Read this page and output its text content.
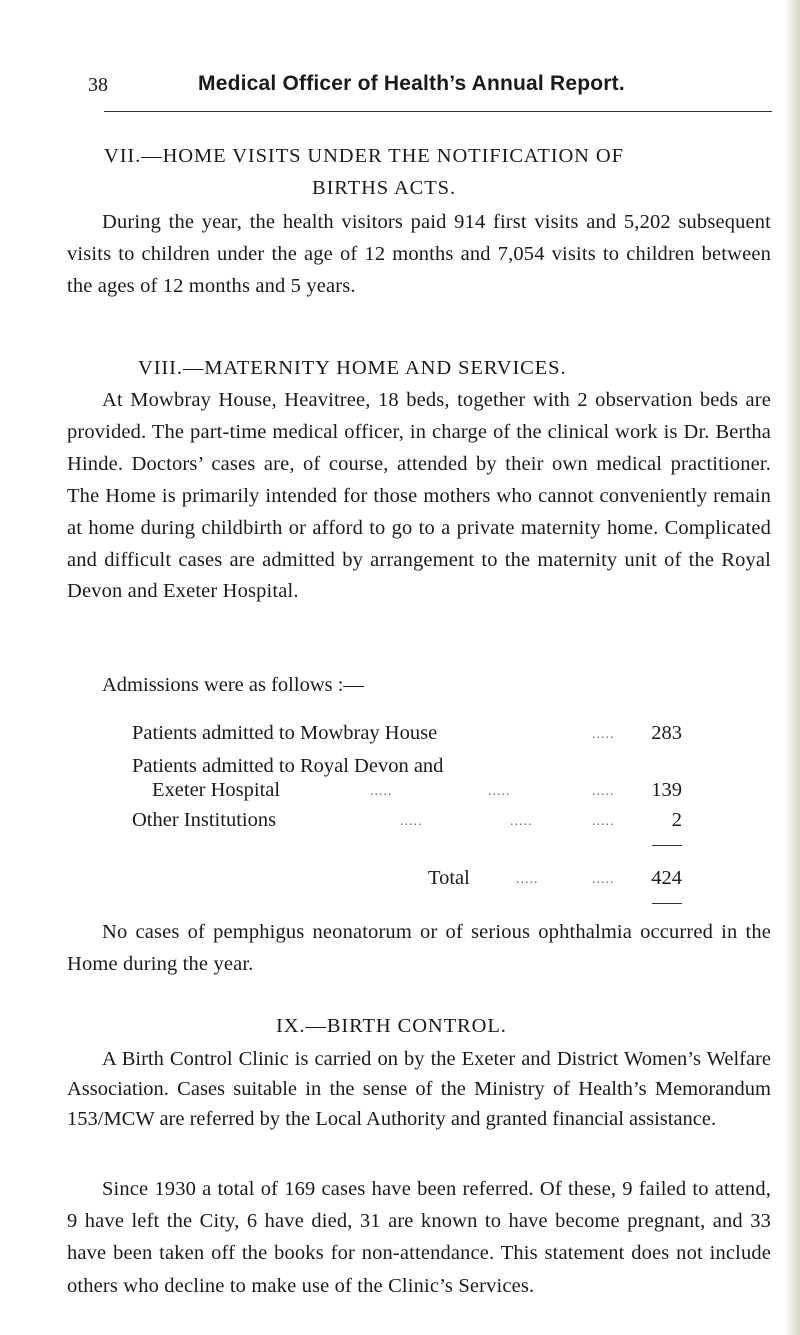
38	Medical Officer of Health’s Annual Report.
VII.—HOME VISITS UNDER THE NOTIFICATION OF
BIRTHS ACTS.

During the year, the health visitors paid 914 first visits and 5,202 subsequent visits to children under the age of 12 months and 7,054 visits to children between the ages of 12 months and 5 years.

VIII.—MATERNITY HOME AND SERVICES.

At Mowbray House, Heavitree, 18 beds, together with 2 observation beds are provided. The part-time medical officer, in charge of the clinical work is Dr. Bertha Hinde. Doctors’ cases are, of course, attended by their own medical practitioner. The Home is primarily intended for those mothers who cannot conveniently remain at home during childbirth or afford to go to a private maternity home. Complicated and difficult cases are admitted by arrangement to the maternity unit of the Royal Devon and Exeter Hospital.

Admissions were as follows :—
Patients admitted to Mowbray House	.....	283
Patients admitted to Royal Devon and
Exeter Hospital	.....	.....	.....	139
Other Institutions	.....	.....	.....	2
Total	.....	.....	424

No cases of pemphigus neonatorum or of serious ophthalmia occurred in the Home during the year.

IX.—BIRTH CONTROL.

A Birth Control Clinic is carried on by the Exeter and District Women’s Welfare Association. Cases suitable in the sense of the Ministry of Health’s Memorandum 153/MCW are referred by the Local Authority and granted financial assistance.

Since 1930 a total of 169 cases have been referred. Of these, 9 failed to attend, 9 have left the City, 6 have died, 31 are known to have become pregnant, and 33 have been taken off the books for non-attendance. This statement does not include others who decline to make use of the Clinic’s Services.
